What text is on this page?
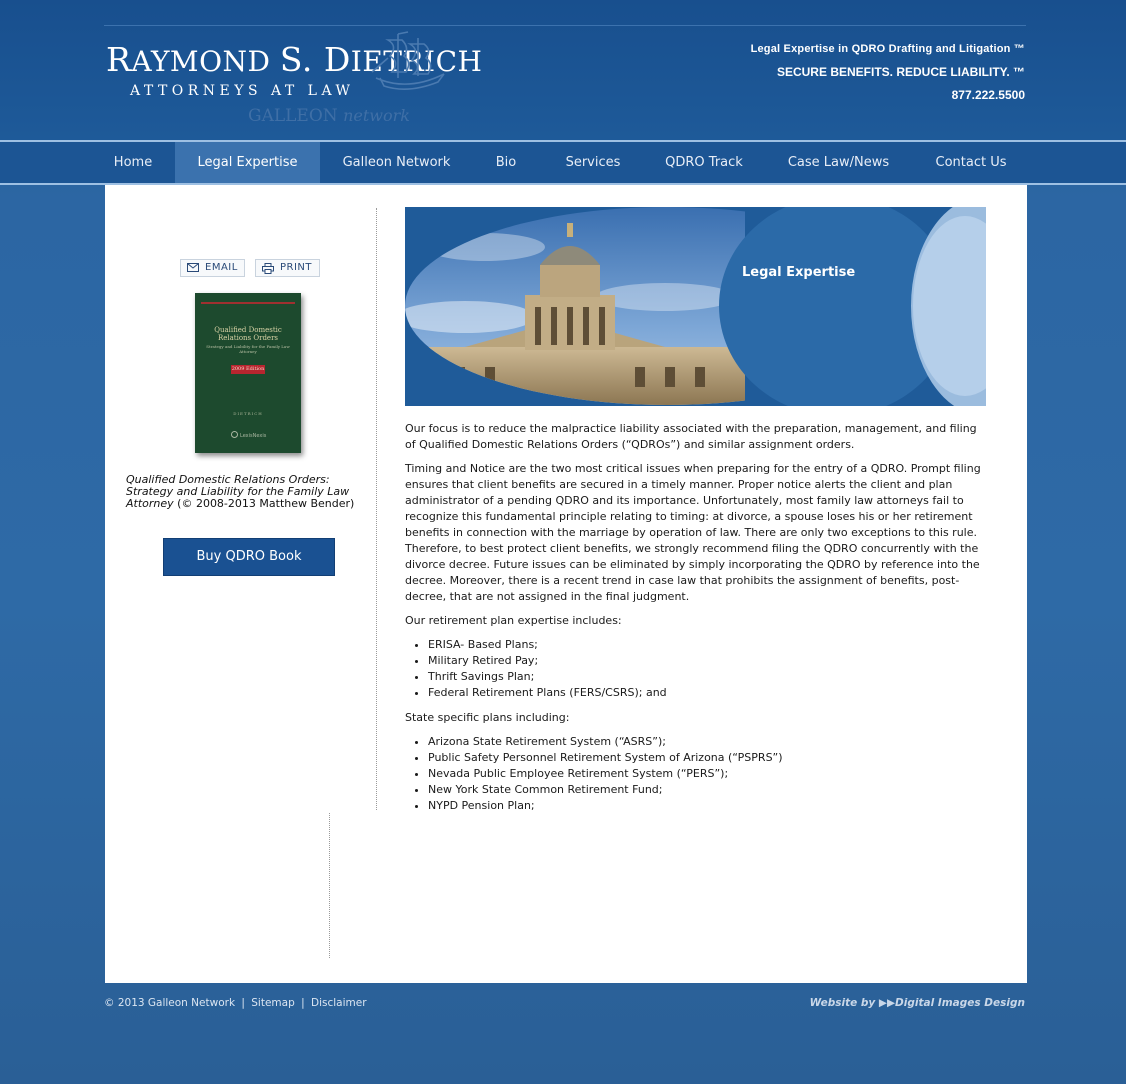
RAYMOND S. DIETRICH
ATTORNEYS AT LAW
GALLEON network
Legal Expertise in QDRO Drafting and Litigation ™
SECURE BENEFITS. REDUCE LIABILITY. ™
877.222.5500
Home	Legal Expertise	Galleon Network	Bio	Services	QDRO Track	Case Law/News	Contact Us
EMAIL	PRINT
Qualified Domestic Relations Orders
Strategy and Liability for the Family Law Attorney
2009 Edition
DIETRICH
LexisNexis
Qualified Domestic Relations Orders: Strategy and Liability for the Family Law Attorney (© 2008-2013 Matthew Bender)
Buy QDRO Book
Legal Expertise

Our focus is to reduce the malpractice liability associated with the preparation, management, and filing of Qualified Domestic Relations Orders (“QDROs”) and similar assignment orders.

Timing and Notice are the two most critical issues when preparing for the entry of a QDRO. Prompt filing ensures that client benefits are secured in a timely manner. Proper notice alerts the client and plan administrator of a pending QDRO and its importance. Unfortunately, most family law attorneys fail to recognize this fundamental principle relating to timing: at divorce, a spouse loses his or her retirement benefits in connection with the marriage by operation of law. There are only two exceptions to this rule. Therefore, to best protect client benefits, we strongly recommend filing the QDRO concurrently with the divorce decree. Future issues can be eliminated by simply incorporating the QDRO by reference into the decree. Moreover, there is a recent trend in case law that prohibits the assignment of benefits, post-decree, that are not assigned in the final judgment.

Our retirement plan expertise includes:

• ERISA- Based Plans;
• Military Retired Pay;
• Thrift Savings Plan;
• Federal Retirement Plans (FERS/CSRS); and

State specific plans including:

• Arizona State Retirement System (“ASRS”);
• Public Safety Personnel Retirement System of Arizona (“PSPRS”)
• Nevada Public Employee Retirement System (“PERS”);
• New York State Common Retirement Fund;
• NYPD Pension Plan;
© 2013 Galleon Network | Sitemap | Disclaimer	Website by ▶▶Digital Images Design
